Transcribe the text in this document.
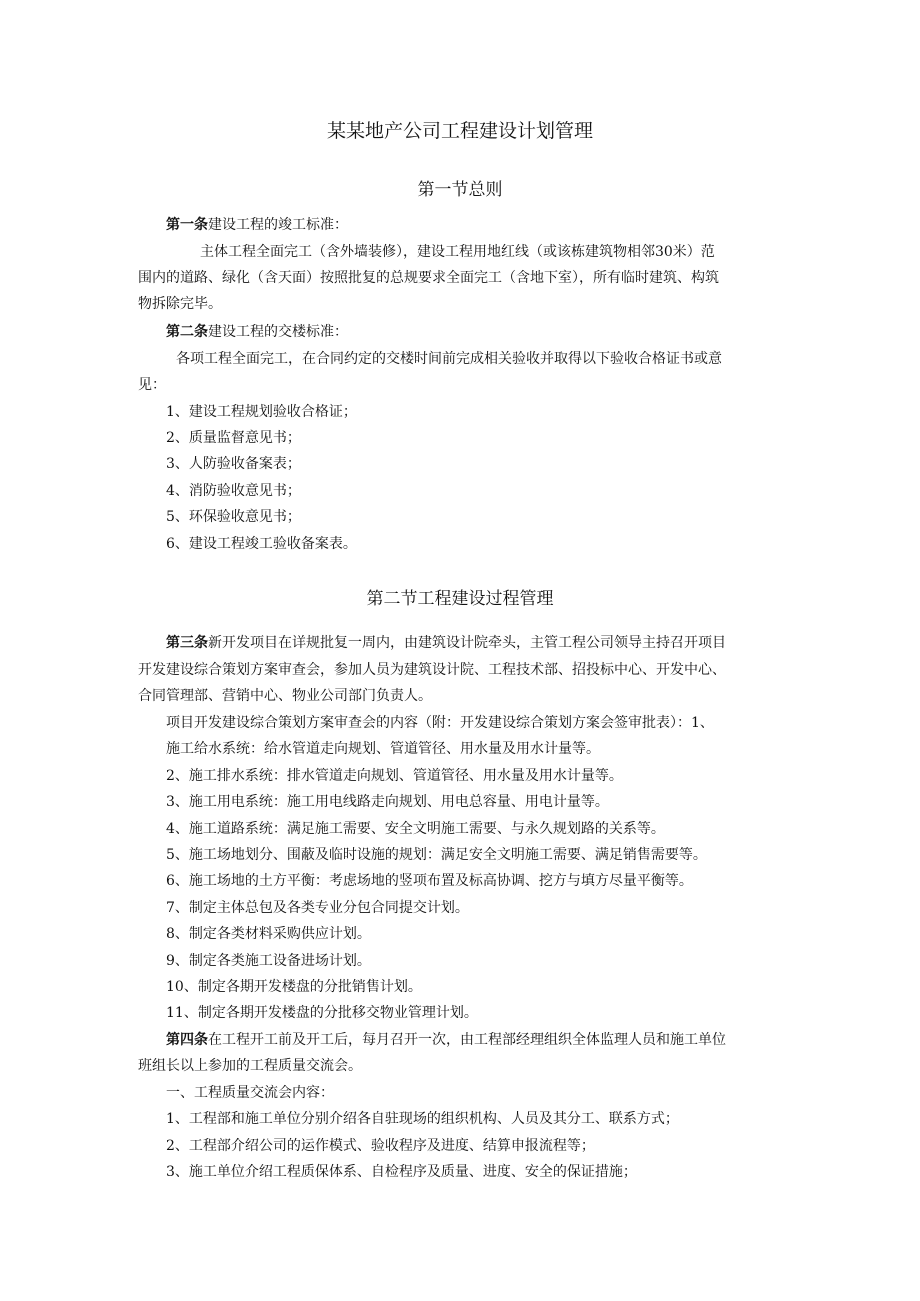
某某地产公司工程建设计划管理
第一节总则
第一条建设工程的竣工标准：
主体工程全面完工（含外墙装修），建设工程用地红线（或该栋建筑物相邻30米）范
围内的道路、绿化（含天面）按照批复的总规要求全面完工（含地下室），所有临时建筑、构筑
物拆除完毕。
第二条建设工程的交楼标准：
各项工程全面完工，在合同约定的交楼时间前完成相关验收并取得以下验收合格证书或意
见：
1、建设工程规划验收合格证；
2、质量监督意见书；
3、人防验收备案表；
4、消防验收意见书；
5、环保验收意见书；
6、建设工程竣工验收备案表。
第二节工程建设过程管理
第三条新开发项目在详规批复一周内，由建筑设计院牵头，主管工程公司领导主持召开项目
开发建设综合策划方案审查会，参加人员为建筑设计院、工程技术部、招投标中心、开发中心、
合同管理部、营销中心、物业公司部门负责人。
项目开发建设综合策划方案审查会的内容（附：开发建设综合策划方案会签审批表）：1、
施工给水系统：给水管道走向规划、管道管径、用水量及用水计量等。
2、施工排水系统：排水管道走向规划、管道管径、用水量及用水计量等。
3、施工用电系统：施工用电线路走向规划、用电总容量、用电计量等。
4、施工道路系统：满足施工需要、安全文明施工需要、与永久规划路的关系等。
5、施工场地划分、围蔽及临时设施的规划：满足安全文明施工需要、满足销售需要等。
6、施工场地的土方平衡：考虑场地的竖项布置及标高协调、挖方与填方尽量平衡等。
7、制定主体总包及各类专业分包合同提交计划。
8、制定各类材料采购供应计划。
9、制定各类施工设备进场计划。
10、制定各期开发楼盘的分批销售计划。
11、制定各期开发楼盘的分批移交物业管理计划。
第四条在工程开工前及开工后，每月召开一次，由工程部经理组织全体监理人员和施工单位
班组长以上参加的工程质量交流会。
一、工程质量交流会内容：
1、工程部和施工单位分别介绍各自驻现场的组织机构、人员及其分工、联系方式；
2、工程部介绍公司的运作模式、验收程序及进度、结算申报流程等；
3、施工单位介绍工程质保体系、自检程序及质量、进度、安全的保证措施；
